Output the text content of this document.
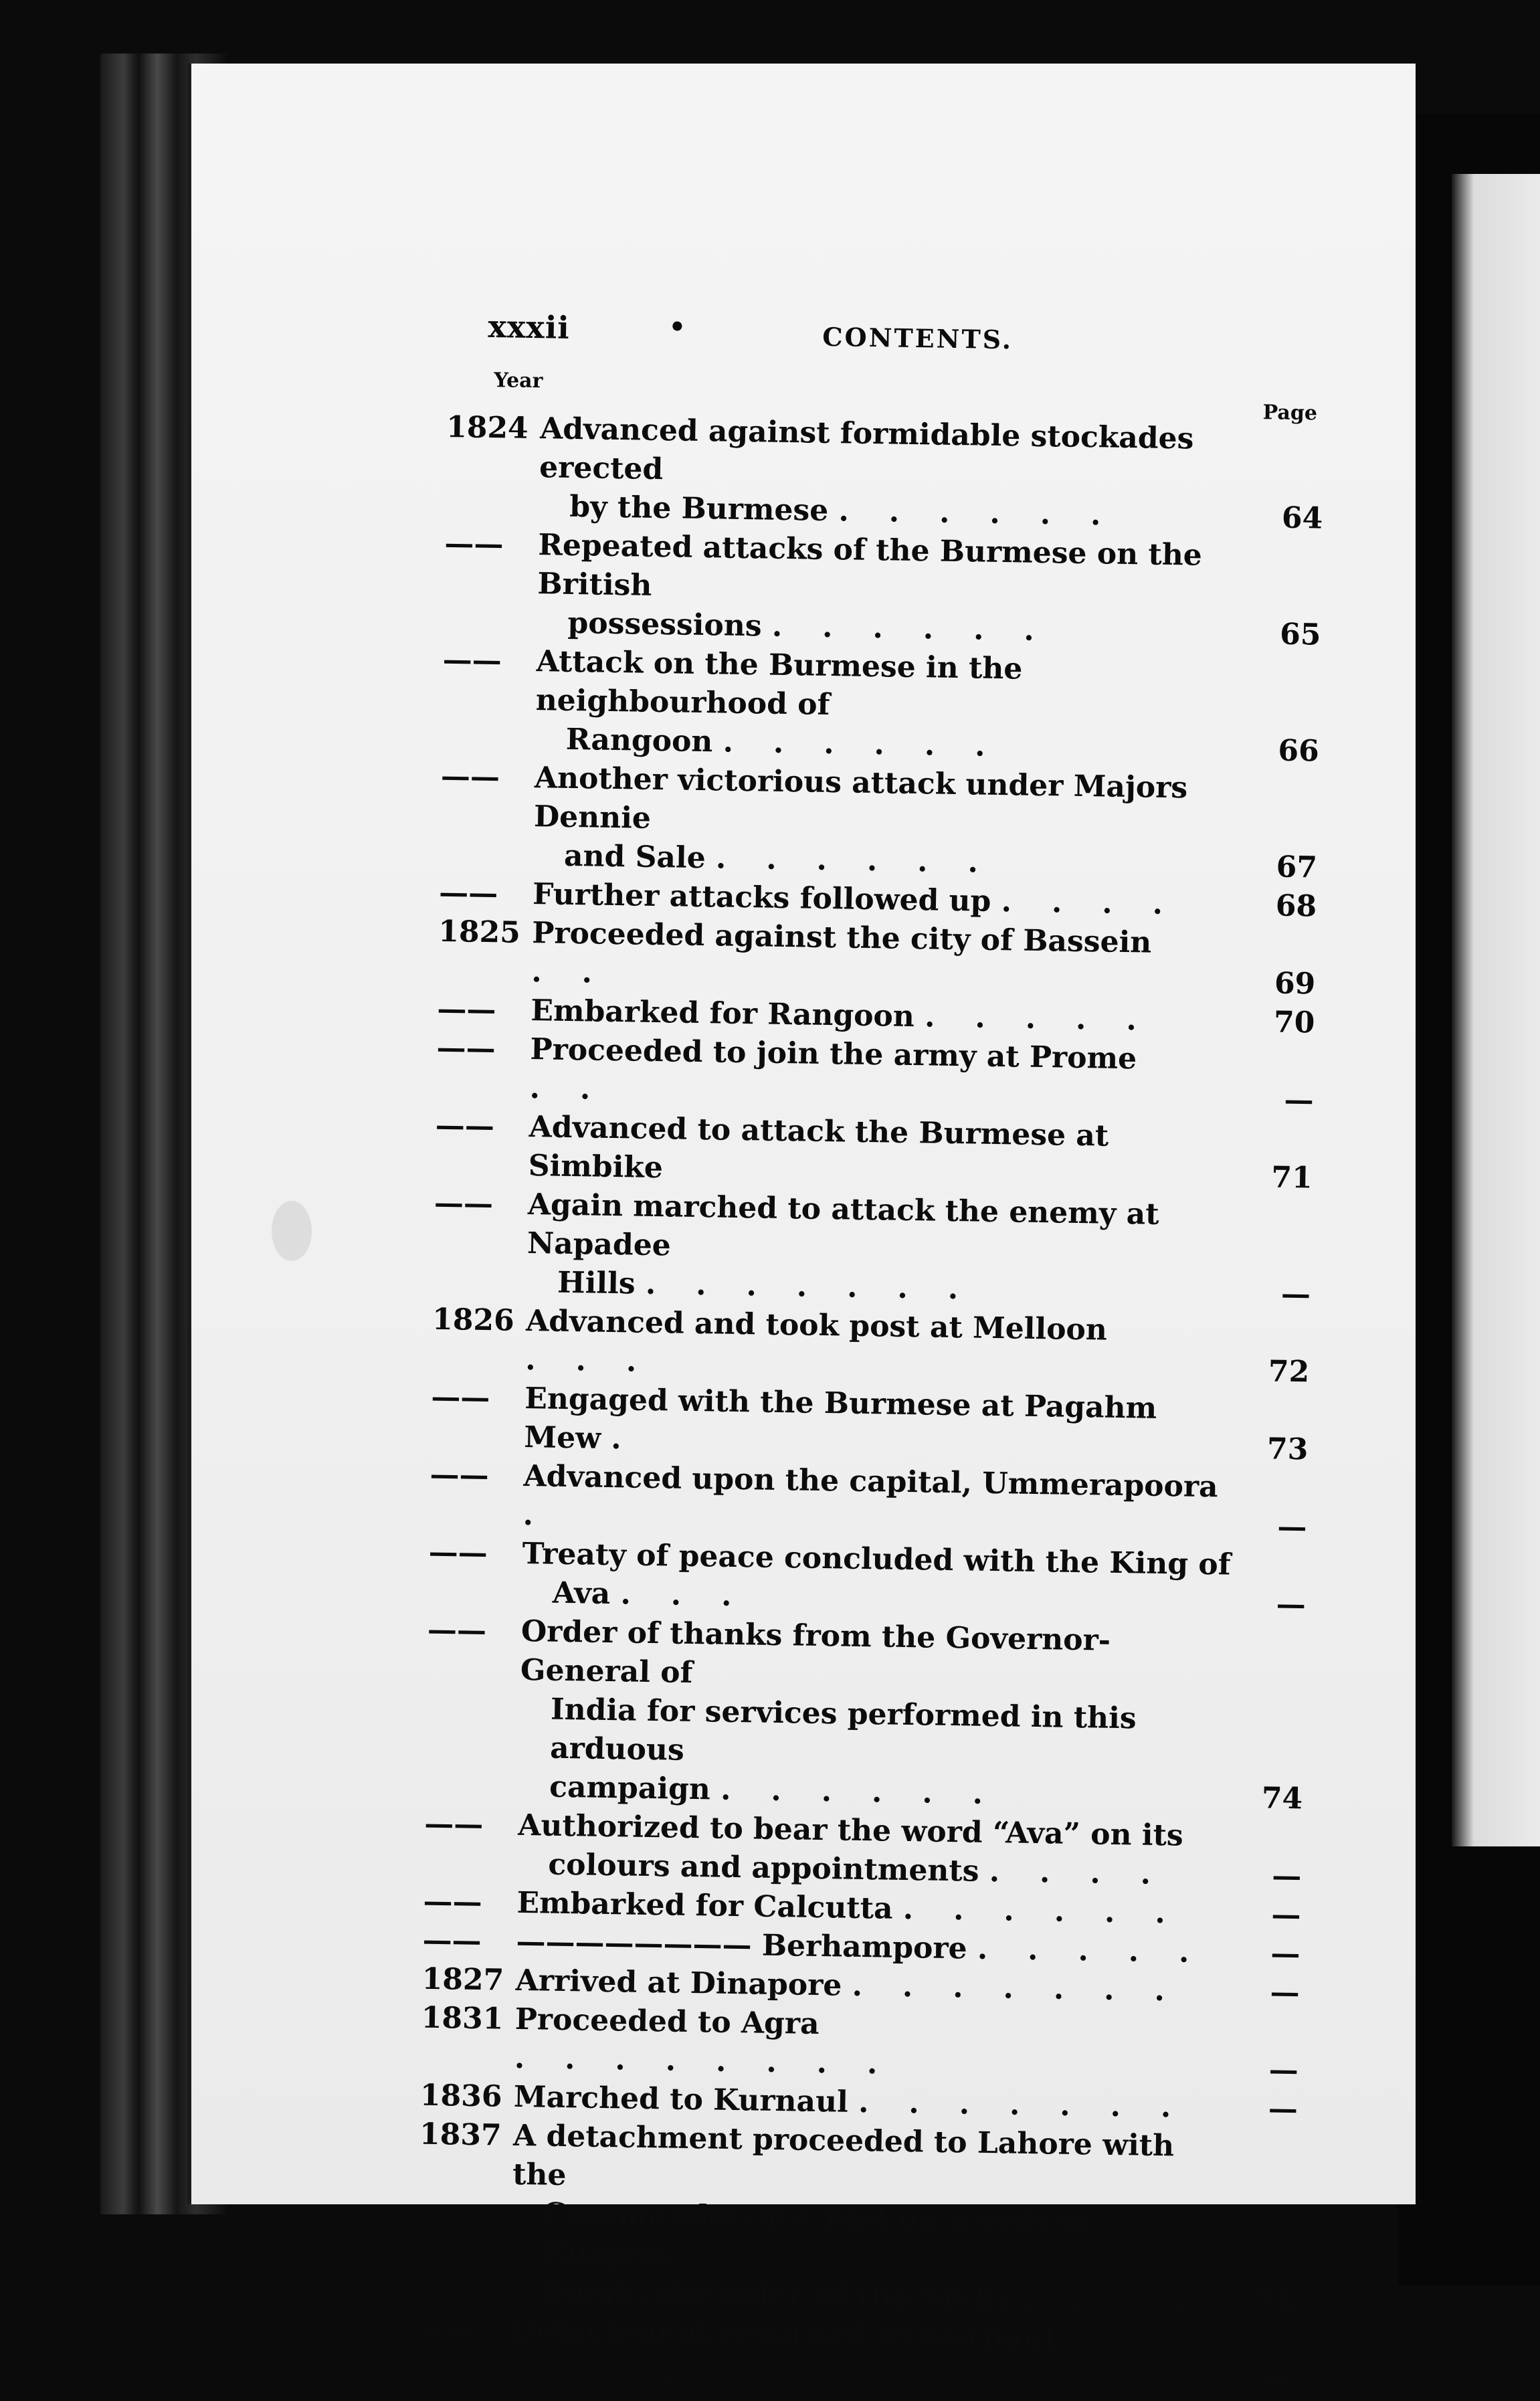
xxxii	•	CONTENTS.
Year
Page
1824 Advanced against formidable stockades erected
by the Burmese ......	64
——	Repeated attacks of the Burmese on the British
possessions ......	65
——	Attack on the Burmese in the neighbourhood of
Rangoon ......	66
——	Another victorious attack under Majors Dennie
and Sale ......	67
——	Further attacks followed up ....	68
1825 Proceeded against the city of Bassein ..	69
——	Embarked for Rangoon .....	70
——	Proceeded to join the army at Prome ..	—
——	Advanced to attack the Burmese at Simbike	71
——	Again marched to attack the enemy at Napadee
Hills .......	—
1826 Advanced and took post at Melloon ...	72
——	Engaged with the Burmese at Pagahm Mew .	73
——	Advanced upon the capital, Ummerapoora .	—
——	Treaty of peace concluded with the King of
Ava ...	—
——	Order of thanks from the Governor-General of
India for services performed in this arduous
campaign ......	74
——	Authorized to bear the word “Ava” on its
colours and appointments ....	—
——	Embarked for Calcutta ......	—
——	———————— Berhampore .....	—
1827 Arrived at Dinapore .......	—
1831 Proceeded to Agra ........	—
1836 Marched to Kurnaul .......	—
1837 A detachment proceeded to Lahore with the
Commander-in-Chief on a visit to Runjeet
Singh, the ruler of the Sikhs ....	75
——	Detachment returned to Kurnaul ....	—
